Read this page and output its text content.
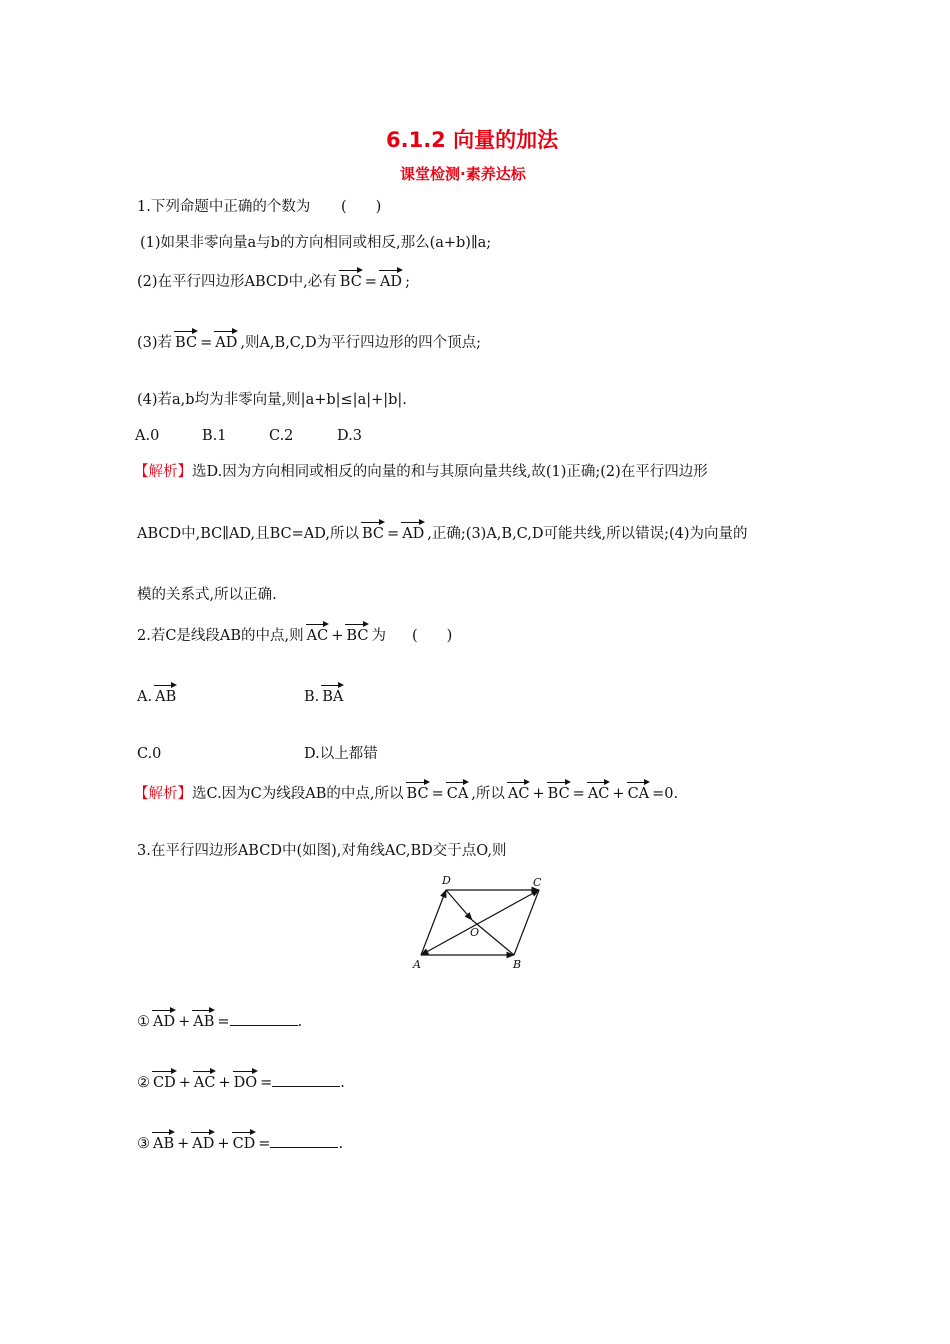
6.1.2 向量的加法
课堂检测·素养达标
1.下列命题中正确的个数为 (　　)
(1)如果非零向量a与b的方向相同或相反,那么(a+b)∥a;
(2)在平行四边形ABCD中,必有 BC = AD ;
(3)若 BC = AD ,则A,B,C,D为平行四边形的四个顶点;
(4)若a,b均为非零向量,则|a+b|≤|a|+|b|.
A.0	B.1	C.2	D.3
【解析】选D.因为方向相同或相反的向量的和与其原向量共线,故(1)正确;(2)在平行四边形
ABCD中,BC∥AD,且BC=AD,所以 BC = AD ,正确;(3)A,B,C,D可能共线,所以错误;(4)为向量的
模的关系式,所以正确.
2.若C是线段AB的中点,则 AC + BC 为 (　　)
A. AB	B. BA
C.0	D.以上都错
【解析】选C.因为C为线段AB的中点,所以 BC = CA ,所以 AC + BC = AC + CA =0.
3.在平行四边形ABCD中(如图),对角线AC,BD交于点O,则
D	C
A	B
O
① AD + AB =	.
② CD + AC + DO =	.
③ AB + AD + CD =	.
